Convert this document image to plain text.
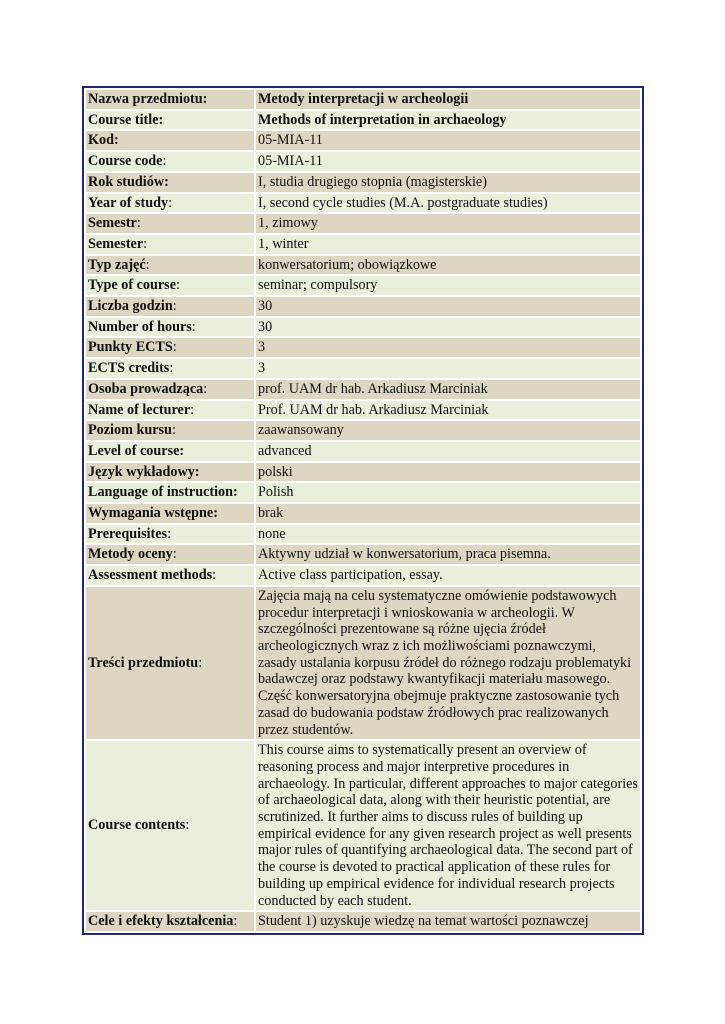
Nazwa przedmiotu:	Metody interpretacji w archeologii
Course title:	Methods of interpretation in archaeology
Kod:	05-MIA-11
Course code:	05-MIA-11
Rok studiów:	I, studia drugiego stopnia (magisterskie)
Year of study:	I, second cycle studies (M.A. postgraduate studies)
Semestr:	1, zimowy
Semester:	1, winter
Typ zajęć:	konwersatorium; obowiązkowe
Type of course:	seminar; compulsory
Liczba godzin:	30
Number of hours:	30
Punkty ECTS:	3
ECTS credits:	3
Osoba prowadząca:	prof. UAM dr hab. Arkadiusz Marciniak
Name of lecturer:	Prof. UAM dr hab. Arkadiusz Marciniak
Poziom kursu:	zaawansowany
Level of course:	advanced
Język wykładowy:	polski
Language of instruction:	Polish
Wymagania wstępne:	brak
Prerequisites:	none
Metody oceny:	Aktywny udział w konwersatorium, praca pisemna.
Assessment methods:	Active class participation, essay.
Treści przedmiotu:	Zajęcia mają na celu systematyczne omówienie podstawowych procedur interpretacji i wnioskowania w archeologii. W szczególności prezentowane są różne ujęcia źródeł archeologicznych wraz z ich możliwościami poznawczymi, zasady ustalania korpusu źródeł do różnego rodzaju problematyki badawczej oraz podstawy kwantyfikacji materiału masowego. Część konwersatoryjna obejmuje praktyczne zastosowanie tych zasad do budowania podstaw źródłowych prac realizowanych przez studentów.
Course contents:	This course aims to systematically present an overview of reasoning process and major interpretive procedures in archaeology. In particular, different approaches to major categories of archaeological data, along with their heuristic potential, are scrutinized. It further aims to discuss rules of building up empirical evidence for any given research project as well presents major rules of quantifying archaeological data. The second part of the course is devoted to practical application of these rules for building up empirical evidence for individual research projects conducted by each student.
Cele i efekty kształcenia:	Student 1) uzyskuje wiedzę na temat wartości poznawczej
